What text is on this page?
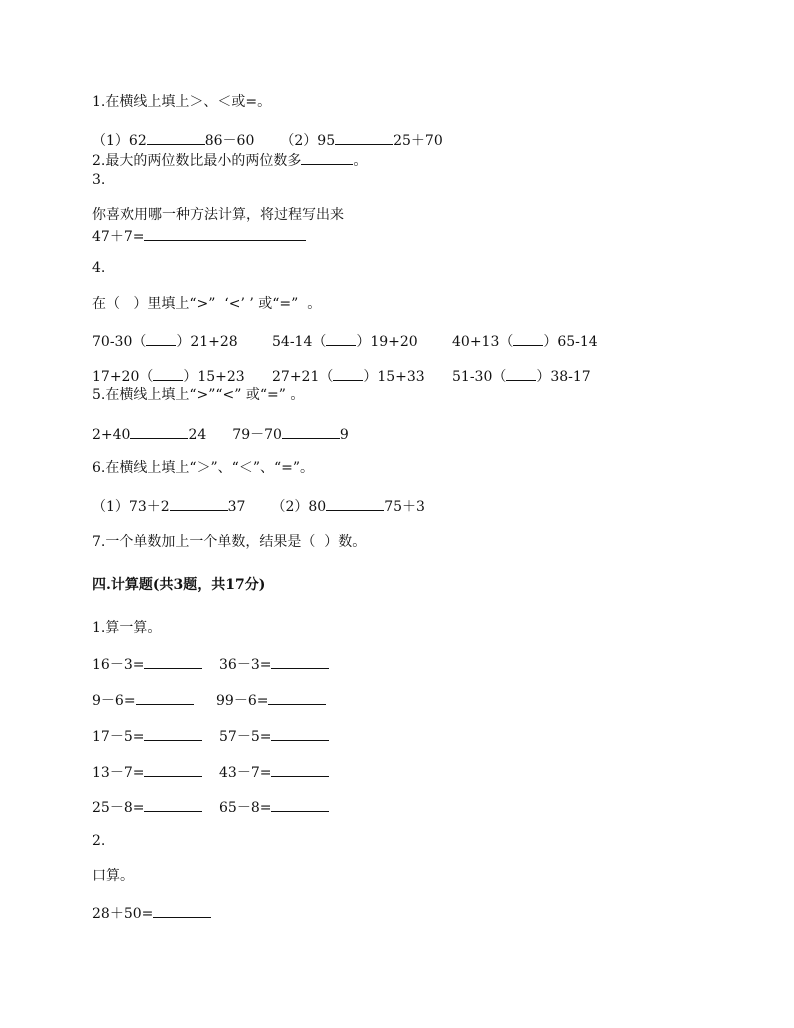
1.在横线上填上＞、＜或=。
（1）62	86－60 （2）95	25＋70
2.最大的两位数比最小的两位数多	。
3.
你喜欢用哪一种方法计算，将过程写出来
47＋7=
4.
在（   ）里填上“>”  ‘<’ ’ 或“=”  。
70-30（ ）21+28 54-14（ ）19+20 40+13（ ）65-14
17+20（ ）15+23 27+21（ ）15+33 51-30（ ）38-17
5.在横线上填上“>”“<” 或“=” 。
2+40	24 79－70	9
6.在横线上填上“＞”、“＜”、“=”。
（1）73＋2	37 （2）80	75＋3
7.一个单数加上一个单数，结果是（  ）数。
四.计算题(共3题，共17分)
1.算一算。
16－3=	36－3=
9－6=	99－6=
17－5=	57－5=
13－7=	43－7=
25－8=	65－8=
2.
口算。
28＋50=
